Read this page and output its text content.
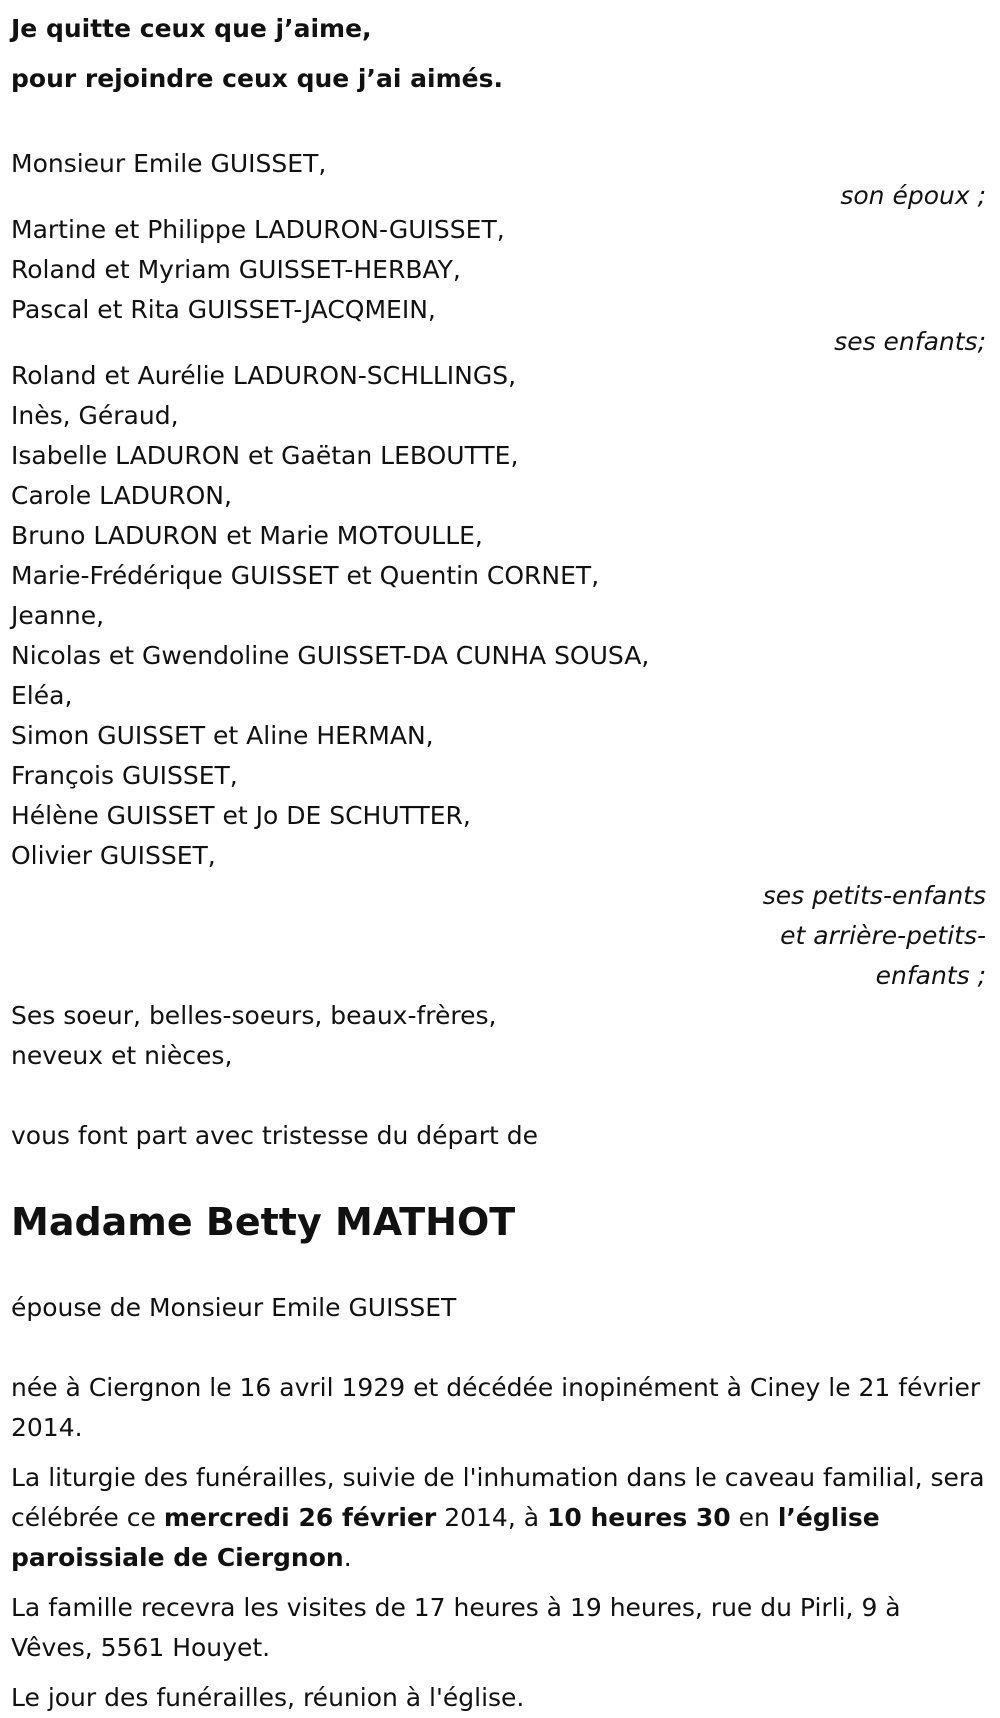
Je quitte ceux que j’aime,
pour rejoindre ceux que j’ai aimés.
Monsieur Emile GUISSET,
son époux ;
Martine et Philippe LADURON-GUISSET,
Roland et Myriam GUISSET-HERBAY,
Pascal et Rita GUISSET-JACQMEIN,
ses enfants;
Roland et Aurélie LADURON-SCHLLINGS,
Inès, Géraud,
Isabelle LADURON et Gaëtan LEBOUTTE,
Carole LADURON,
Bruno LADURON et Marie MOTOULLE,
Marie-Frédérique GUISSET et Quentin CORNET,
Jeanne,
Nicolas et Gwendoline GUISSET-DA CUNHA SOUSA,
Eléa,
Simon GUISSET et Aline HERMAN,
François GUISSET,
Hélène GUISSET et Jo DE SCHUTTER,
Olivier GUISSET,
ses petits-enfants
et arrière-petits-
enfants ;
Ses soeur, belles-soeurs, beaux-frères,
neveux et nièces,
vous font part avec tristesse du départ de
Madame Betty MATHOT
épouse de Monsieur Emile GUISSET
née à Ciergnon le 16 avril 1929 et décédée inopinément à Ciney le 21 février 2014.
La liturgie des funérailles, suivie de l'inhumation dans le caveau familial, sera célébrée ce mercredi 26 février 2014, à 10 heures 30 en l’église paroissiale de Ciergnon.
La famille recevra les visites de 17 heures à 19 heures, rue du Pirli, 9 à Vêves, 5561 Houyet.
Le jour des funérailles, réunion à l'église.
